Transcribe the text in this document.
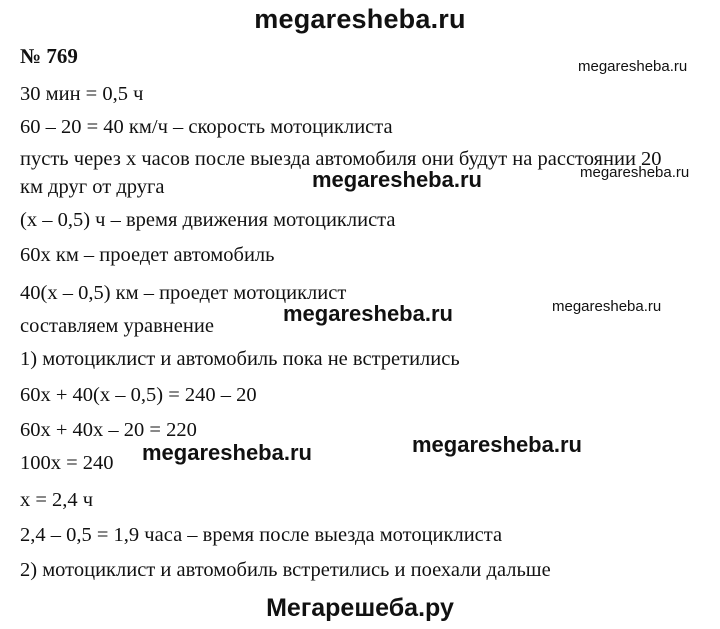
megaresheba.ru
№ 769
30 мин = 0,5 ч
60 – 20 = 40 км/ч – скорость мотоциклиста
пусть через х часов после выезда автомобиля они будут на расстоянии 20
км друг от друга
(х – 0,5) ч – время движения мотоциклиста
60х км – проедет автомобиль
40(х – 0,5) км – проедет мотоциклист
составляем уравнение
1) мотоциклист и автомобиль пока не встретились
60х + 40(х – 0,5) = 240 – 20
60х + 40х – 20 = 220
100х = 240
х = 2,4 ч
2,4 – 0,5 = 1,9 часа – время после выезда мотоциклиста
2) мотоциклист и автомобиль встретились и поехали дальше
megaresheba.ru
megaresheba.ru
megaresheba.ru
megaresheba.ru
megaresheba.ru
megaresheba.ru
megaresheba.ru
Мегарешеба.ру
